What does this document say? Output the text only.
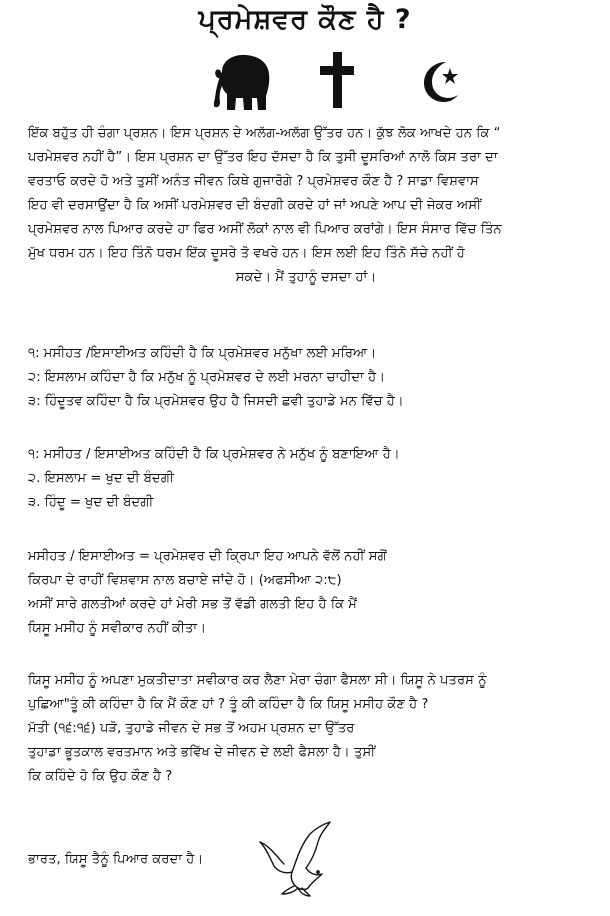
ਪ੍ਰਮੇਸ਼ਵਰ ਕੌਣ ਹੈ ?
ਇੱਕ ਬਹੁੱਤ ਹੀ ਚੰਗਾ ਪ੍ਰਸ਼ਨ। ਇਸ ਪ੍ਰਸ਼ਨ ਦੇ ਅਲੱਗ-ਅਲੱਗ ਉੱਤਰ ਹਨ। ਕੁੱਝ ਲੋਕ ਆਖਦੇ ਹਨ ਕਿ “
ਪਰਮੇਸ਼ਵਰ ਨਹੀਂ ਹੈ”। ਇਸ ਪ੍ਰਸ਼ਨ ਦਾ ਉੱਤਰ ਇਹ ਦੱਸਦਾ ਹੈ ਕਿ ਤੁਸੀ ਦੂਸਰਿਆਂ ਨਾਲੋ ਕਿਸ ਤਰਾ ਦਾ
ਵਰਤਾਓ ਕਰਦੇ ਹੋ ਅਤੇ ਤੁਸੀਂ ਅਨੰਤ ਜੀਵਨ ਕਿਥੇ ਗੁਜਾਰੋਗੇ ? ਪ੍ਰਮੇਸ਼ਵਰ ਕੌਣ ਹੈ ? ਸਾਡਾ ਵਿਸ਼ਵਾਸ
ਇਹ ਵੀ ਦਰਸਾਉਂਦਾ ਹੈ ਕਿ ਅਸੀਂ ਪਰਮੇਸ਼ਵਰ ਦੀ ਬੰਦਗੀ ਕਰਦੇ ਹਾਂ ਜਾਂ ਅਪਣੇ ਆਪ ਦੀ ਜੇਕਰ ਅਸੀਂ
ਪ੍ਰਮੇਸ਼ਵਰ ਨਾਲ ਪਿਆਰ ਕਰਦੇ ਹਾ ਫਿਰ ਅਸੀਂ ਲੋਕਾਂ ਨਾਲ ਵੀ ਪਿਆਰ ਕਰਾਂਗੇ। ਇਸ ਸੰਸਾਰ ਵਿੱਚ ਤਿੰਨ
ਮੁੱਖ ਧਰਮ ਹਨ। ਇਹ ਤਿੰਨੋ ਧਰਮ ਇੱਕ ਦੂਸਰੇ ਤੋ ਵਖਰੇ ਹਨ। ਇਸ ਲਈ ਇਹ ਤਿੰਨੋ ਸੱਚੇ ਨਹੀਂ ਹੋ
ਸਕਦੇ। ਮੈਂ ਤੁਹਾਨੂੰ ਦਸਦਾ ਹਾਂ।
੧: ਮਸੀਹਤ /ਇਸਾਈਅਤ ਕਹਿੰਦੀ ਹੈ ਕਿ ਪ੍ਰਮੇਸ਼ਵਰ ਮਨੁੱਖਾ ਲਈ ਮਰਿਆ।
੨: ਇਸਲਾਮ ਕਹਿੰਦਾ ਹੈ ਕਿ ਮਨੁੱਖ ਨੂੰ ਪ੍ਰਮੇਸ਼ਵਰ ਦੇ ਲਈ ਮਰਨਾ ਚਾਹੀਦਾ ਹੈ।
੩: ਹਿੰਦੂਤਵ ਕਹਿੰਦਾ ਹੈ ਕਿ ਪ੍ਰਮੇਸ਼ਵਰ ਉਹ ਹੈ ਜਿਸਦੀ ਛਵੀ ਤੁਹਾਡੇ ਮਨ ਵਿੱਚ ਹੈ।
੧: ਮਸੀਹਤ / ਇਸਾਈਅਤ ਕਹਿੰਦੀ ਹੈ ਕਿ ਪ੍ਰਮੇਸ਼ਵਰ ਨੇ ਮਨੁੱਖ ਨੂੰ ਬਣਾਇਆ ਹੈ।
੨. ਇਸਲਾਮ = ਖੁਦ ਦੀ ਬੰਦਗੀ
੩. ਹਿੰਦੂ = ਖੁਦ ਦੀ ਬੰਦਗੀ
ਮਸੀਹਤ / ਇਸਾਈਅਤ = ਪ੍ਰਮੇਸ਼ਵਰ ਦੀ ਕ੍ਰਿਪਾ ਇਹ ਆਪਨੇ ਵੱਲੋਂ ਨਹੀਂ ਸਗੋਂ
ਕਿਰਪਾ ਦੇ ਰਾਹੀਂ ਵਿਸ਼ਵਾਸ ਨਾਲ ਬਚਾਏ ਜਾਂਦੇ ਹੋ। (ਅਫਸੀਆ ੨:੮)
ਅਸੀਂ ਸਾਰੇ ਗਲਤੀਆਂ ਕਰਦੇ ਹਾਂ ਮੇਰੀ ਸਭ ਤੋਂ ਵੱਡੀ ਗਲਤੀ ਇਹ ਹੈ ਕਿ ਮੈਂ
ਯਿਸੂ ਮਸੀਹ ਨੂੰ ਸਵੀਕਾਰ ਨਹੀਂ ਕੀਤਾ।
ਯਿਸੂ ਮਸੀਹ ਨੂੰ ਅਪਣਾ ਮੁਕਤੀਦਾਤਾ ਸਵੀਕਾਰ ਕਰ ਲੈਣਾ ਮੇਰਾ ਚੰਗਾ ਫੈਸਲਾ ਸੀ। ਯਿਸੂ ਨੇ ਪਤਰਸ ਨੂੰ
ਪੁਛਿਆ"ਤੂੰ ਕੀ ਕਹਿੰਦਾ ਹੈ ਕਿ ਮੈਂ ਕੌਣ ਹਾਂ ? ਤੂੰ ਕੀ ਕਹਿੰਦਾ ਹੈ ਕਿ ਯਿਸੂ ਮਸੀਹ ਕੌਣ ਹੈ ?
ਮੱਤੀ (੧੬:੧੬) ਪੜੋ, ਤੁਹਾਡੇ ਜੀਵਨ ਦੇ ਸਭ ਤੋਂ ਅਹਮ ਪ੍ਰਸ਼ਨ ਦਾ ਉੱਤਰ
ਤੁਹਾਡਾ ਭੂਤਕਾਲ ਵਰਤਮਾਨ ਅਤੇ ਭਵਿੱਖ ਦੇ ਜੀਵਨ ਦੇ ਲਈ ਫੈਸਲਾ ਹੈ। ਤੁਸੀਂ
ਕਿ ਕਹਿੰਦੇ ਹੋ ਕਿ ਉਹ ਕੌਣ ਹੈ ?
ਭਾਰਤ, ਯਿਸੂ ਤੈਨੂੰ ਪਿਆਰ ਕਰਦਾ ਹੈ।
